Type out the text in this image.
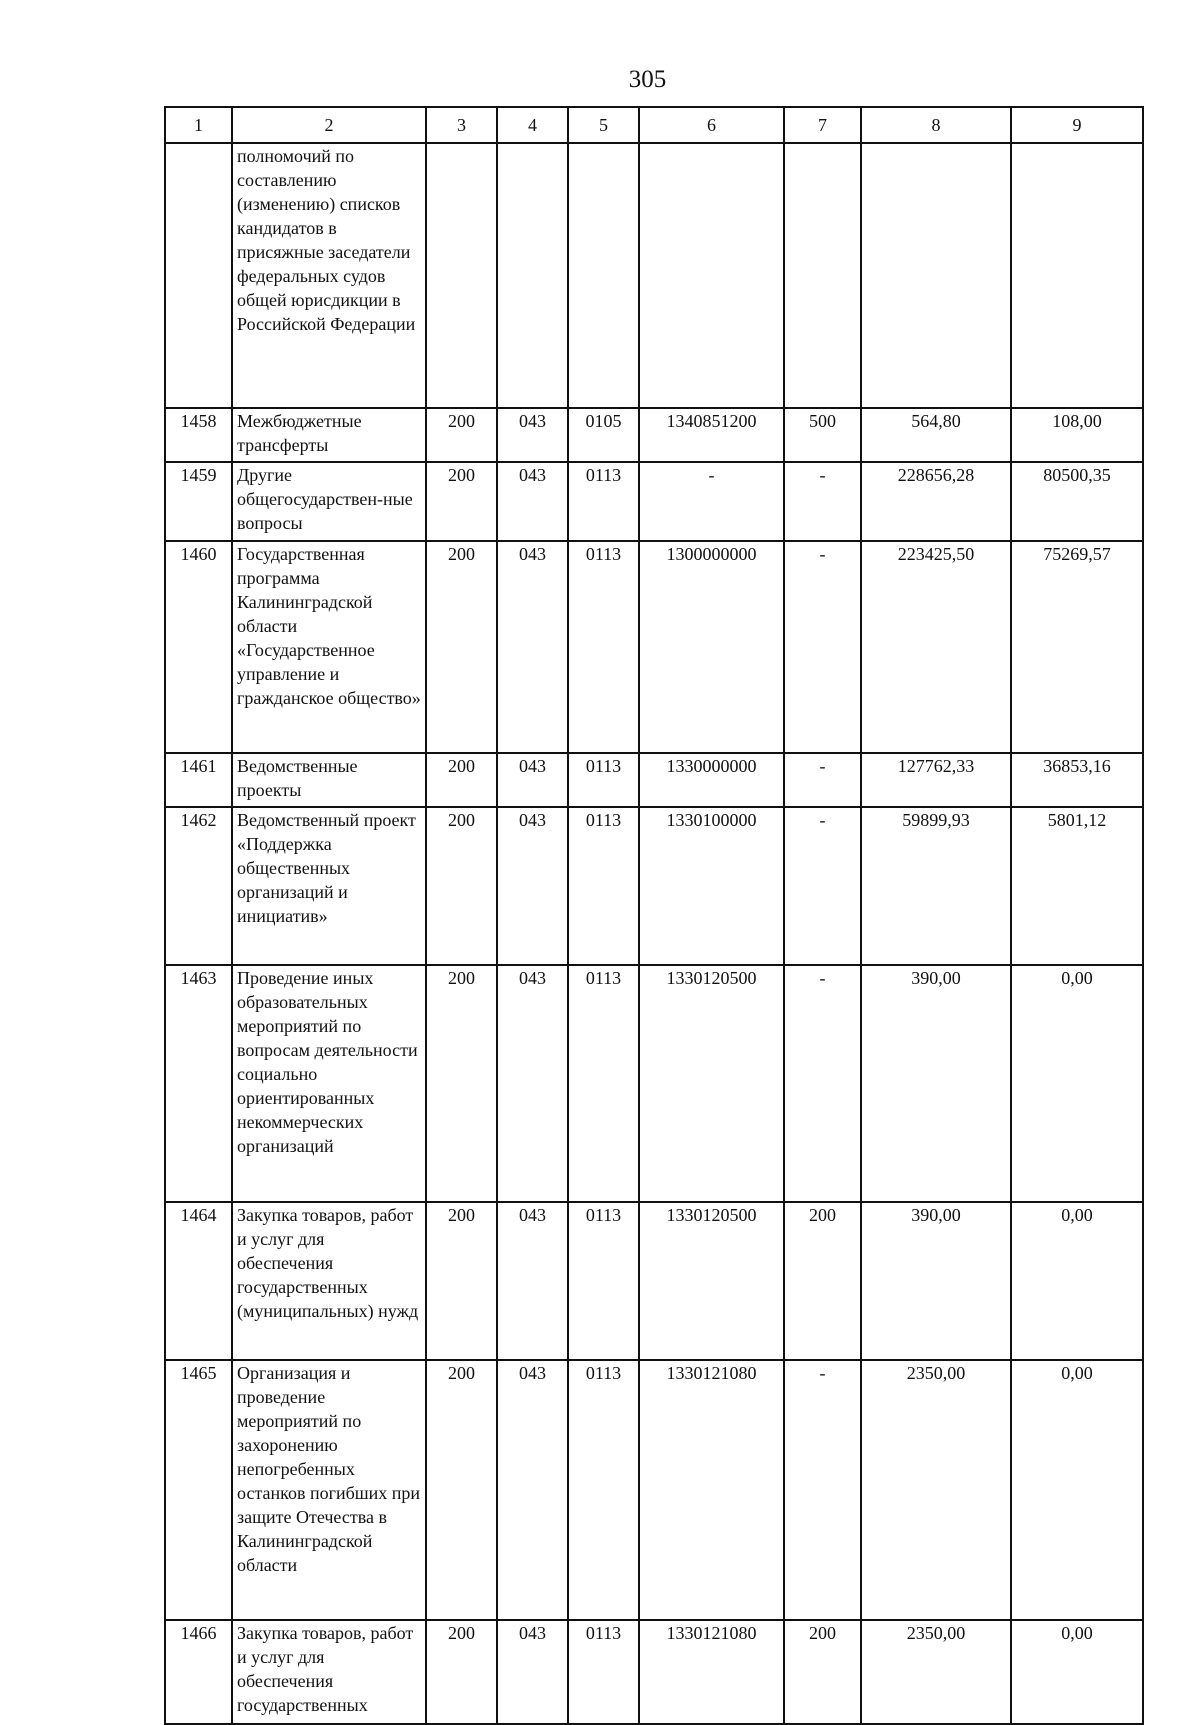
305
1	2	3	4	5	6	7	8	9
	полномочий по составлению (изменению) списков кандидатов в присяжные заседатели федеральных судов общей юрисдикции в Российской Федерации							
1458	Межбюджетные трансферты	200	043	0105	1340851200	500	564,80	108,00
1459	Другие общегосударствен-ные вопросы	200	043	0113	-	-	228656,28	80500,35
1460	Государственная программа Калининградской области «Государственное управление и гражданское общество»	200	043	0113	1300000000	-	223425,50	75269,57
1461	Ведомственные проекты	200	043	0113	1330000000	-	127762,33	36853,16
1462	Ведомственный проект «Поддержка общественных организаций и инициатив»	200	043	0113	1330100000	-	59899,93	5801,12
1463	Проведение иных образовательных мероприятий по вопросам деятельности социально ориентированных некоммерческих организаций	200	043	0113	1330120500	-	390,00	0,00
1464	Закупка товаров, работ и услуг для обеспечения государственных (муниципальных) нужд	200	043	0113	1330120500	200	390,00	0,00
1465	Организация и проведение мероприятий по захоронению непогребенных останков погибших при защите Отечества в Калининградской области	200	043	0113	1330121080	-	2350,00	0,00
1466	Закупка товаров, работ и услуг для обеспечения государственных	200	043	0113	1330121080	200	2350,00	0,00
